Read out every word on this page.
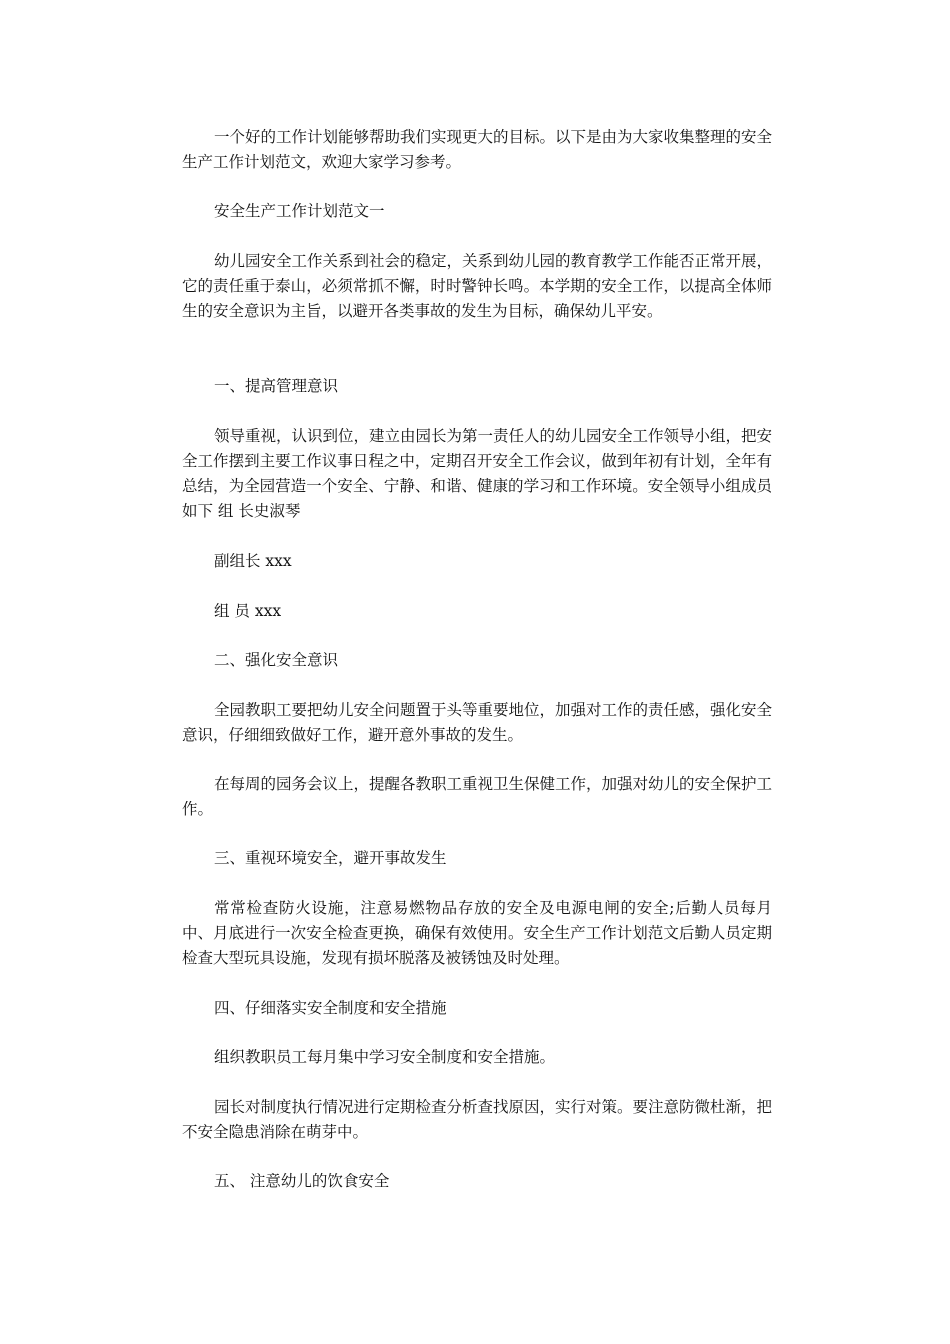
一个好的工作计划能够帮助我们实现更大的目标。以下是由为大家收集整理的安全生产工作计划范文，欢迎大家学习参考。

安全生产工作计划范文一

幼儿园安全工作关系到社会的稳定，关系到幼儿园的教育教学工作能否正常开展，它的责任重于泰山，必须常抓不懈，时时警钟长鸣。本学期的安全工作，以提高全体师生的安全意识为主旨，以避开各类事故的发生为目标，确保幼儿平安。

一、提高管理意识

领导重视，认识到位，建立由园长为第一责任人的幼儿园安全工作领导小组，把安全工作摆到主要工作议事日程之中，定期召开安全工作会议，做到年初有计划，全年有总结，为全园营造一个安全、宁静、和谐、健康的学习和工作环境。安全领导小组成员如下 组 长史淑琴

副组长 xxx

组 员 xxx

二、强化安全意识

全园教职工要把幼儿安全问题置于头等重要地位，加强对工作的责任感，强化安全意识，仔细细致做好工作，避开意外事故的发生。

在每周的园务会议上，提醒各教职工重视卫生保健工作，加强对幼儿的安全保护工作。

三、重视环境安全，避开事故发生

常常检查防火设施，注意易燃物品存放的安全及电源电闸的安全;后勤人员每月中、月底进行一次安全检查更换，确保有效使用。安全生产工作计划范文后勤人员定期检查大型玩具设施，发现有损坏脱落及被锈蚀及时处理。

四、仔细落实安全制度和安全措施

组织教职员工每月集中学习安全制度和安全措施。

园长对制度执行情况进行定期检查分析查找原因，实行对策。要注意防微杜渐，把不安全隐患消除在萌芽中。

五、 注意幼儿的饮食安全
